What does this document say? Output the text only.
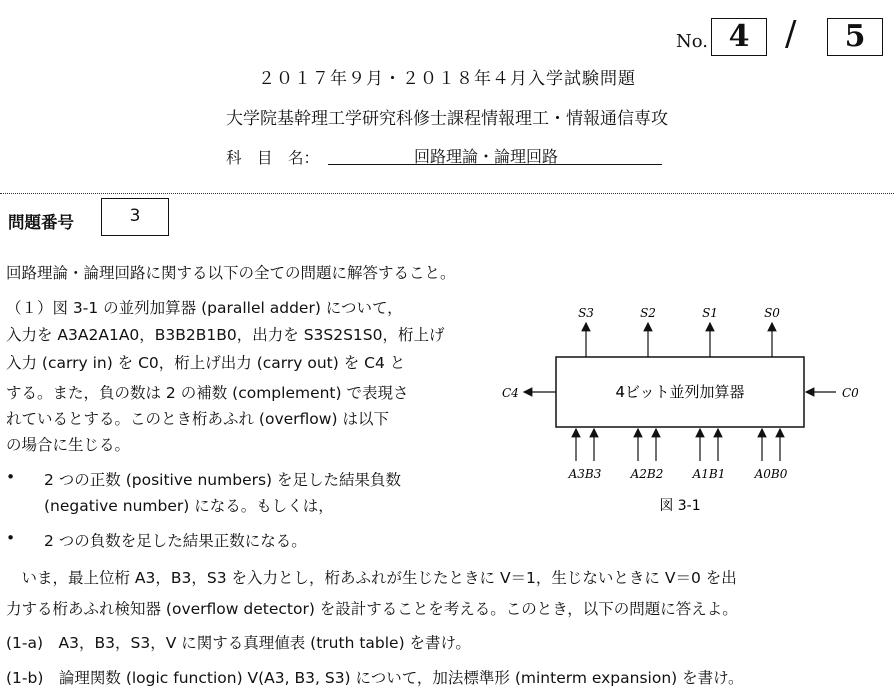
No. 4	/	5
２０１７年９月・２０１８年４月入学試験問題
大学院基幹理工学研究科修士課程情報理工・情報通信専攻
科　目　名：	回路理論・論理回路
問題番号	3
回路理論・論理回路に関する以下の全ての問題に解答すること。
（１）図 3-1 の並列加算器 (parallel adder) について，
入力を A3A2A1A0，B3B2B1B0，出力を S3S2S1S0，桁上げ
入力 (carry in) を C0，桁上げ出力 (carry out) を C4 と
する。また，負の数は 2 の補数 (complement) で表現さ
れているとする。このとき桁あふれ (overflow) は以下
の場合に生じる。
• 2 つの正数 (positive numbers) を足した結果負数
(negative number) になる。もしくは，
• 2 つの負数を足した結果正数になる。
　いま，最上位桁 A3，B3，S3 を入力とし，桁あふれが生じたときに V＝1，生じないときに V＝0 を出
力する桁あふれ検知器 (overflow detector) を設計することを考える。このとき，以下の問題に答えよ。
(1-a)　A3，B3，S3，V に関する真理値表 (truth table) を書け。
(1-b)　論理関数 (logic function) V(A3, B3, S3) について，加法標準形 (minterm expansion) を書け。
4ビット並列加算器
S3	S2	S1	S0
A3B3 A2B2 A1B1 A0B0
C4	C0
図 3-1
